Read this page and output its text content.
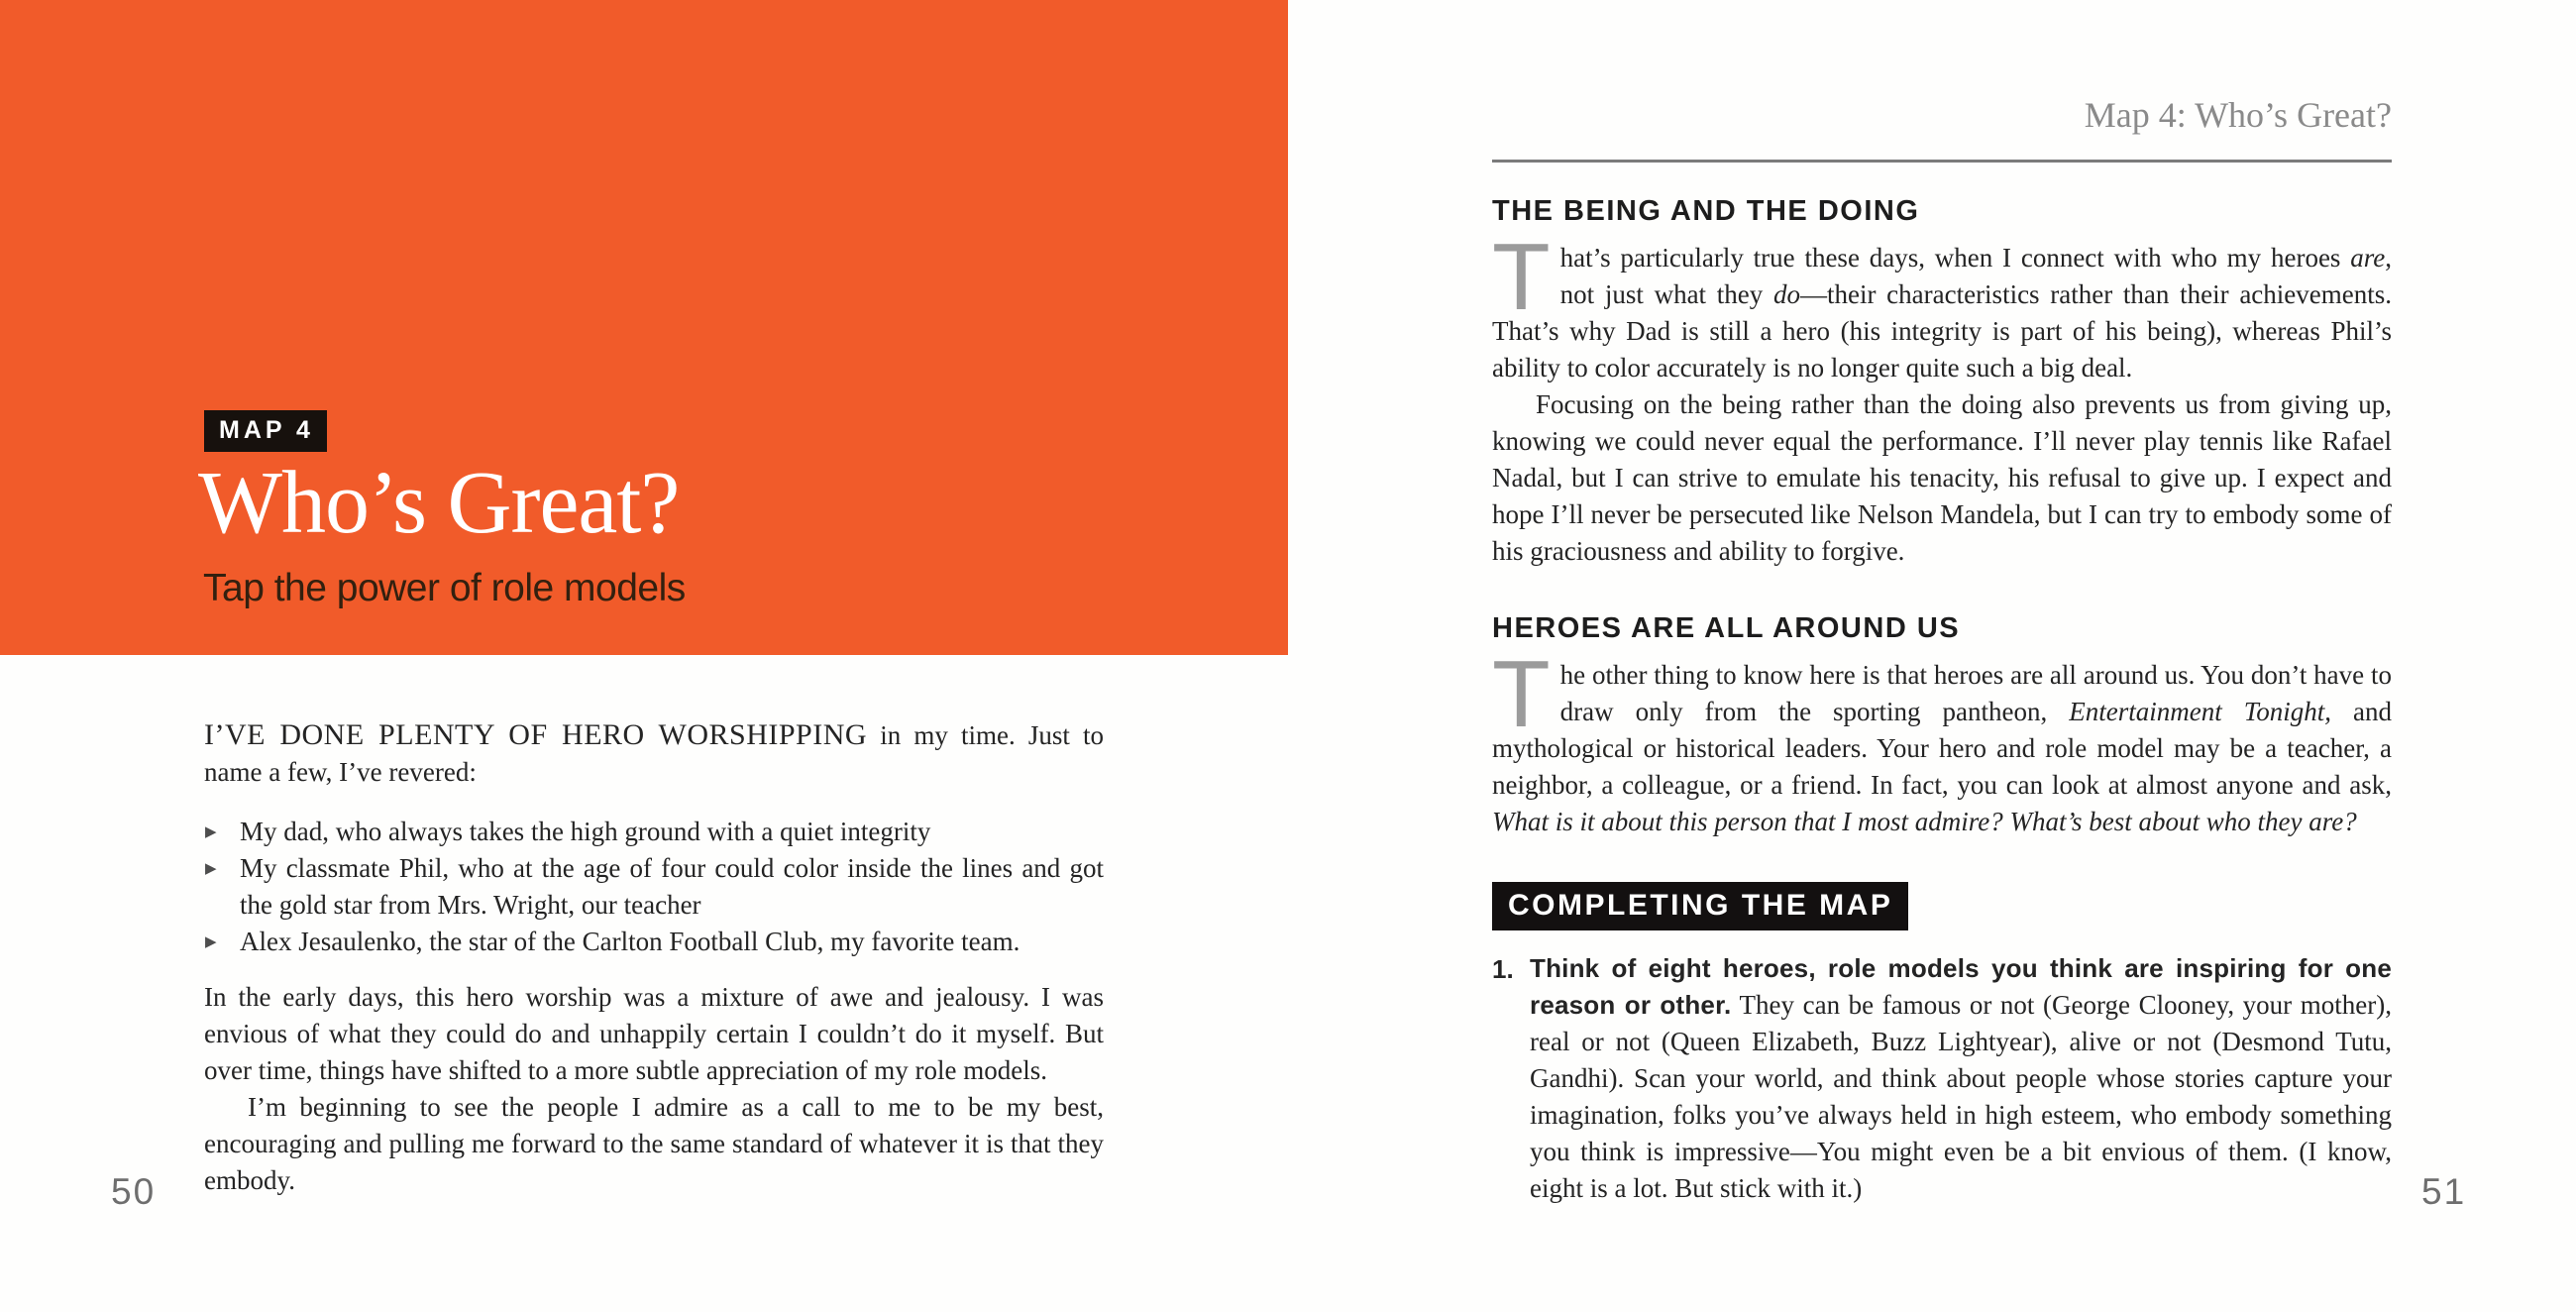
MAP 4
Who’s Great?
Tap the power of role models

I’VE DONE PLENTY OF HERO WORSHIPPING in my time. Just to name a few, I’ve revered:

▶ My dad, who always takes the high ground with a quiet integrity
▶ My classmate Phil, who at the age of four could color inside the lines and got the gold star from Mrs. Wright, our teacher
▶ Alex Jesaulenko, the star of the Carlton Football Club, my favorite team.

In the early days, this hero worship was a mixture of awe and jealousy. I was envious of what they could do and unhappily certain I couldn’t do it myself. But over time, things have shifted to a more subtle appreciation of my role models.

I’m beginning to see the people I admire as a call to me to be my best, encouraging and pulling me forward to the same standard of whatever it is that they embody.

50
Map 4: Who’s Great?
THE BEING AND THE DOING

That’s particularly true these days, when I connect with who my heroes are, not just what they do—their characteristics rather than their achievements. That’s why Dad is still a hero (his integrity is part of his being), whereas Phil’s ability to color accurately is no longer quite such a big deal.

Focusing on the being rather than the doing also prevents us from giving up, knowing we could never equal the performance. I’ll never play tennis like Rafael Nadal, but I can strive to emulate his tenacity, his refusal to give up. I expect and hope I’ll never be persecuted like Nelson Mandela, but I can try to embody some of his graciousness and ability to forgive.

HEROES ARE ALL AROUND US

The other thing to know here is that heroes are all around us. You don’t have to draw only from the sporting pantheon, Entertainment Tonight, and mythological or historical leaders. Your hero and role model may be a teacher, a neighbor, a colleague, or a friend. In fact, you can look at almost anyone and ask, What is it about this person that I most admire? What’s best about who they are?

COMPLETING THE MAP
1. Think of eight heroes, role models you think are inspiring for one reason or other. They can be famous or not (George Clooney, your mother), real or not (Queen Elizabeth, Buzz Lightyear), alive or not (Desmond Tutu, Gandhi). Scan your world, and think about people whose stories capture your imagination, folks you’ve always held in high esteem, who embody something you think is impressive—You might even be a bit envious of them. (I know, eight is a lot. But stick with it.)	51
